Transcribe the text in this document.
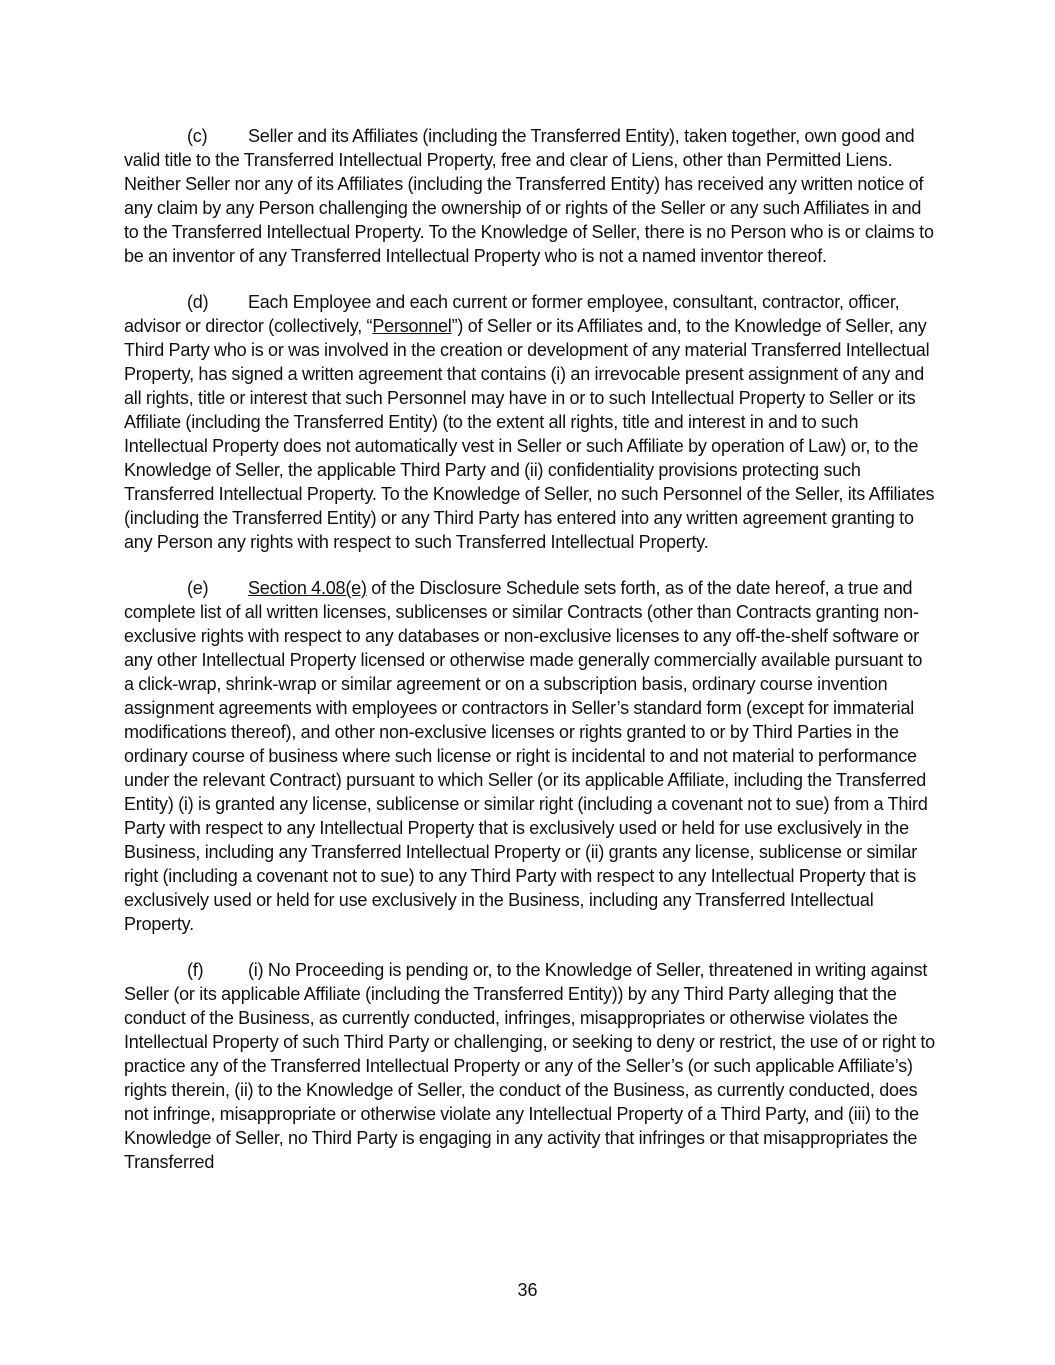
(c) Seller and its Affiliates (including the Transferred Entity), taken together, own good and valid title to the Transferred Intellectual Property, free and clear of Liens, other than Permitted Liens. Neither Seller nor any of its Affiliates (including the Transferred Entity) has received any written notice of any claim by any Person challenging the ownership of or rights of the Seller or any such Affiliates in and to the Transferred Intellectual Property. To the Knowledge of Seller, there is no Person who is or claims to be an inventor of any Transferred Intellectual Property who is not a named inventor thereof.

(d) Each Employee and each current or former employee, consultant, contractor, officer, advisor or director (collectively, “Personnel”) of Seller or its Affiliates and, to the Knowledge of Seller, any Third Party who is or was involved in the creation or development of any material Transferred Intellectual Property, has signed a written agreement that contains (i) an irrevocable present assignment of any and all rights, title or interest that such Personnel may have in or to such Intellectual Property to Seller or its Affiliate (including the Transferred Entity) (to the extent all rights, title and interest in and to such Intellectual Property does not automatically vest in Seller or such Affiliate by operation of Law) or, to the Knowledge of Seller, the applicable Third Party and (ii) confidentiality provisions protecting such Transferred Intellectual Property. To the Knowledge of Seller, no such Personnel of the Seller, its Affiliates (including the Transferred Entity) or any Third Party has entered into any written agreement granting to any Person any rights with respect to such Transferred Intellectual Property.

(e) Section 4.08(e) of the Disclosure Schedule sets forth, as of the date hereof, a true and complete list of all written licenses, sublicenses or similar Contracts (other than Contracts granting non-exclusive rights with respect to any databases or non-exclusive licenses to any off-the-shelf software or any other Intellectual Property licensed or otherwise made generally commercially available pursuant to a click-wrap, shrink-wrap or similar agreement or on a subscription basis, ordinary course invention assignment agreements with employees or contractors in Seller’s standard form (except for immaterial modifications thereof), and other non-exclusive licenses or rights granted to or by Third Parties in the ordinary course of business where such license or right is incidental to and not material to performance under the relevant Contract) pursuant to which Seller (or its applicable Affiliate, including the Transferred Entity) (i) is granted any license, sublicense or similar right (including a covenant not to sue) from a Third Party with respect to any Intellectual Property that is exclusively used or held for use exclusively in the Business, including any Transferred Intellectual Property or (ii) grants any license, sublicense or similar right (including a covenant not to sue) to any Third Party with respect to any Intellectual Property that is exclusively used or held for use exclusively in the Business, including any Transferred Intellectual Property.

(f) (i) No Proceeding is pending or, to the Knowledge of Seller, threatened in writing against Seller (or its applicable Affiliate (including the Transferred Entity)) by any Third Party alleging that the conduct of the Business, as currently conducted, infringes, misappropriates or otherwise violates the Intellectual Property of such Third Party or challenging, or seeking to deny or restrict, the use of or right to practice any of the Transferred Intellectual Property or any of the Seller’s (or such applicable Affiliate’s) rights therein, (ii) to the Knowledge of Seller, the conduct of the Business, as currently conducted, does not infringe, misappropriate or otherwise violate any Intellectual Property of a Third Party, and (iii) to the Knowledge of Seller, no Third Party is engaging in any activity that infringes or that misappropriates the Transferred

36
